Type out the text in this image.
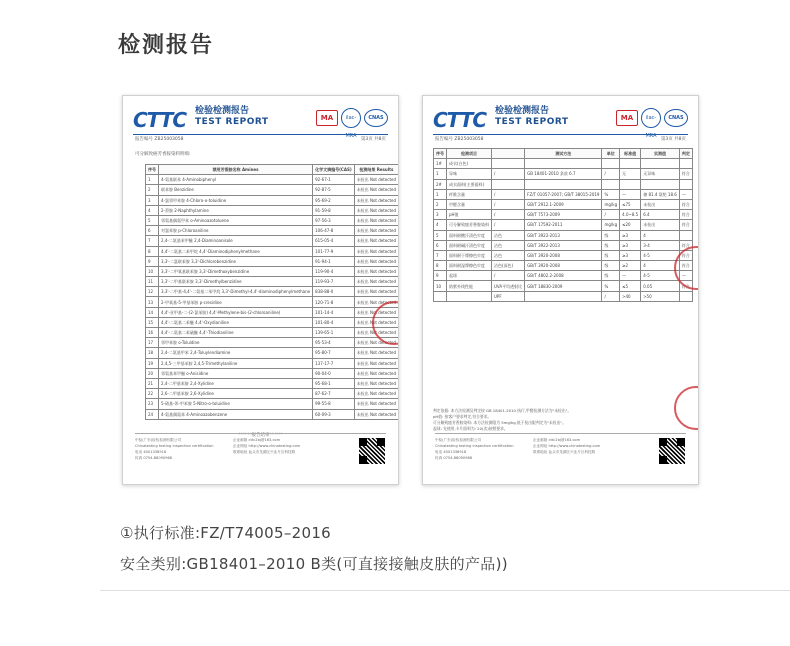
检测报告
CTTC 检验检测报告
TEST REPORT	MA	ilac-MRA
CNAS
报告编号 ZB25003058	第3页 共8页
可分解致癌芳香胺染料明细:
序号	禁用芳香胺名称 Amines	化学文摘编号(CAS)	检测结果 Results
1	4-氨基联苯 4-Aminobiphenyl	92-67-1	未检出 Not detected
2	联苯胺 Benzidine	92-87-5	未检出 Not detected
3	4-氯邻甲苯胺 4-Chloro-o-toluidine	95-69-2	未检出 Not detected
4	2-萘胺 2-Naphthylamine	91-59-8	未检出 Not detected
5	邻氨基偶氮甲苯 o-Aminoazotoluene	97-56-3	未检出 Not detected
6	对氯苯胺 p-Chloroaniline	106-47-8	未检出 Not detected
7	2,4-二氨基苯甲醚 2,4-Diaminoanisole	615-05-4	未检出 Not detected
8	4,4'-二氨基二苯甲烷 4,4'-Diaminodiphenylmethane	101-77-9	未检出 Not detected
9	3,3'-二氯联苯胺 3,3'-Dichlorobenzidine	91-94-1	未检出 Not detected
10	3,3'-二甲氧基联苯胺 3,3'-Dimethoxybenzidine	119-90-4	未检出 Not detected
11	3,3'-二甲基联苯胺 3,3'-Dimethylbenzidine	119-93-7	未检出 Not detected
12	3,3'-二甲基-4,4'-二氨基二苯甲烷 3,3'-Dimethyl-4,4'-diaminodiphenylmethane	838-88-0	未检出 Not detected
13	2-甲氧基-5-甲基苯胺 p-cresidine	120-71-8	未检出 Not detected
14	4,4'-亚甲基-二-(2-氯苯胺) 4,4'-Methylene-bis-(2-chloroaniline)	101-14-4	未检出 Not detected
15	4,4'-二氨基二苯醚 4,4'-Oxydianiline	101-80-4	未检出 Not detected
16	4,4'-二氨基二苯硫醚 4,4'-Thiodianiline	139-65-1	未检出 Not detected
17	邻甲苯胺 o-Toluidine	95-53-4	未检出 Not detected
18	2,4-二氨基甲苯 2,4-Toluylendiamine	95-80-7	未检出 Not detected
19	2,4,5-三甲基苯胺 2,4,5-Trimethylaniline	137-17-7	未检出 Not detected
20	邻氨基苯甲醚 o-Anisidine	90-04-0	未检出 Not detected
21	2,4-二甲基苯胺 2,4-Xylidine	95-68-1	未检出 Not detected
22	2,6-二甲基苯胺 2,6-Xylidine	87-62-7	未检出 Not detected
23	5-硝基-邻-甲苯胺 5-Nitro-o-toluidine	99-55-8	未检出 Not detected
24	4-氨基偶氮苯 4-Aminoazobenzene	60-09-3	未检出 Not detected
******报告结束******
中检(广东)检验检测有限公司
Chinatesting testing inspection certification
电话 4001338918
传真 0754-88090968
企业邮箱 cttc2bj@163.com
企业网址 http://www.chinatesting.com
联系地址 汕头市龙湖区兴业片区科技路
CTTC 检验检测报告
TEST REPORT	MA	ilac-MRA
CNAS
报告编号 ZB25003058	第3页 共8页
序号	检测项目		测试方法	单位	标准值	实测值	判定
1#	成衣(白色)						
1	异味	/	GB 18401-2010 条款 6.7	/	无	无异味	符合
2#	成衣面料(主要面料)						
1	纤维含量	/	FZ/T 01057-2007; GB/T 38015-2019	%	—	棉 81.4 氨纶 18.6	—
2	甲醛含量	/	GB/T 2912.1-2009	mg/kg	≤75	未检出	符合
3	pH值	/	GB/T 7573-2009	/	4.0~8.5	6.4	符合
4	可分解致癌芳香胺染料	/	GB/T 17592-2011	mg/kg	≤20	未检出	符合
5	面料耐酸汗渍色牢度	沾色	GB/T 3922-2013	级	≥3	4	
6	面料耐碱汗渍色牢度	沾色	GB/T 3922-2013	级	≥3	3-4	符合
7	面料耐干摩擦色牢度	沾色	GB/T 3920-2008	级	≥3	4-5	符合
8	面料耐湿摩擦色牢度	沾色(深色)	GB/T 3920-2008	级	≥2	4	符合
9	起球	/	GB/T 4802.2-2008	级	—	4-5	—
10	防紫外线性能	UVA平均透射比	GB/T 18830-2009	%	≤5	0.05	符合
		UPF		/	>40	>50	
判定依据: 本方法检测及判定按 GB 18401-2010 执行,甲醛检测方法为"未检出"。
pH值: 按客户要求判定,符合要求。
可分解致癌芳香胺染料: 本方法检测限为 5mg/kg,低于检出限判定为"未检出"。
起球: 先使用,卡片面料为: 20(次)按照要求。
中检(广东)检验检测有限公司
Chinatesting testing inspection certification
电话 4001338918
传真 0754-88090968
企业邮箱 cttc2bj@163.com
企业网址 http://www.chinatesting.com
联系地址 汕头市龙湖区兴业片区科技路
①执行标准:FZ/T74005–2016
安全类别:GB18401–2010 B类(可直接接触皮肤的产品))
